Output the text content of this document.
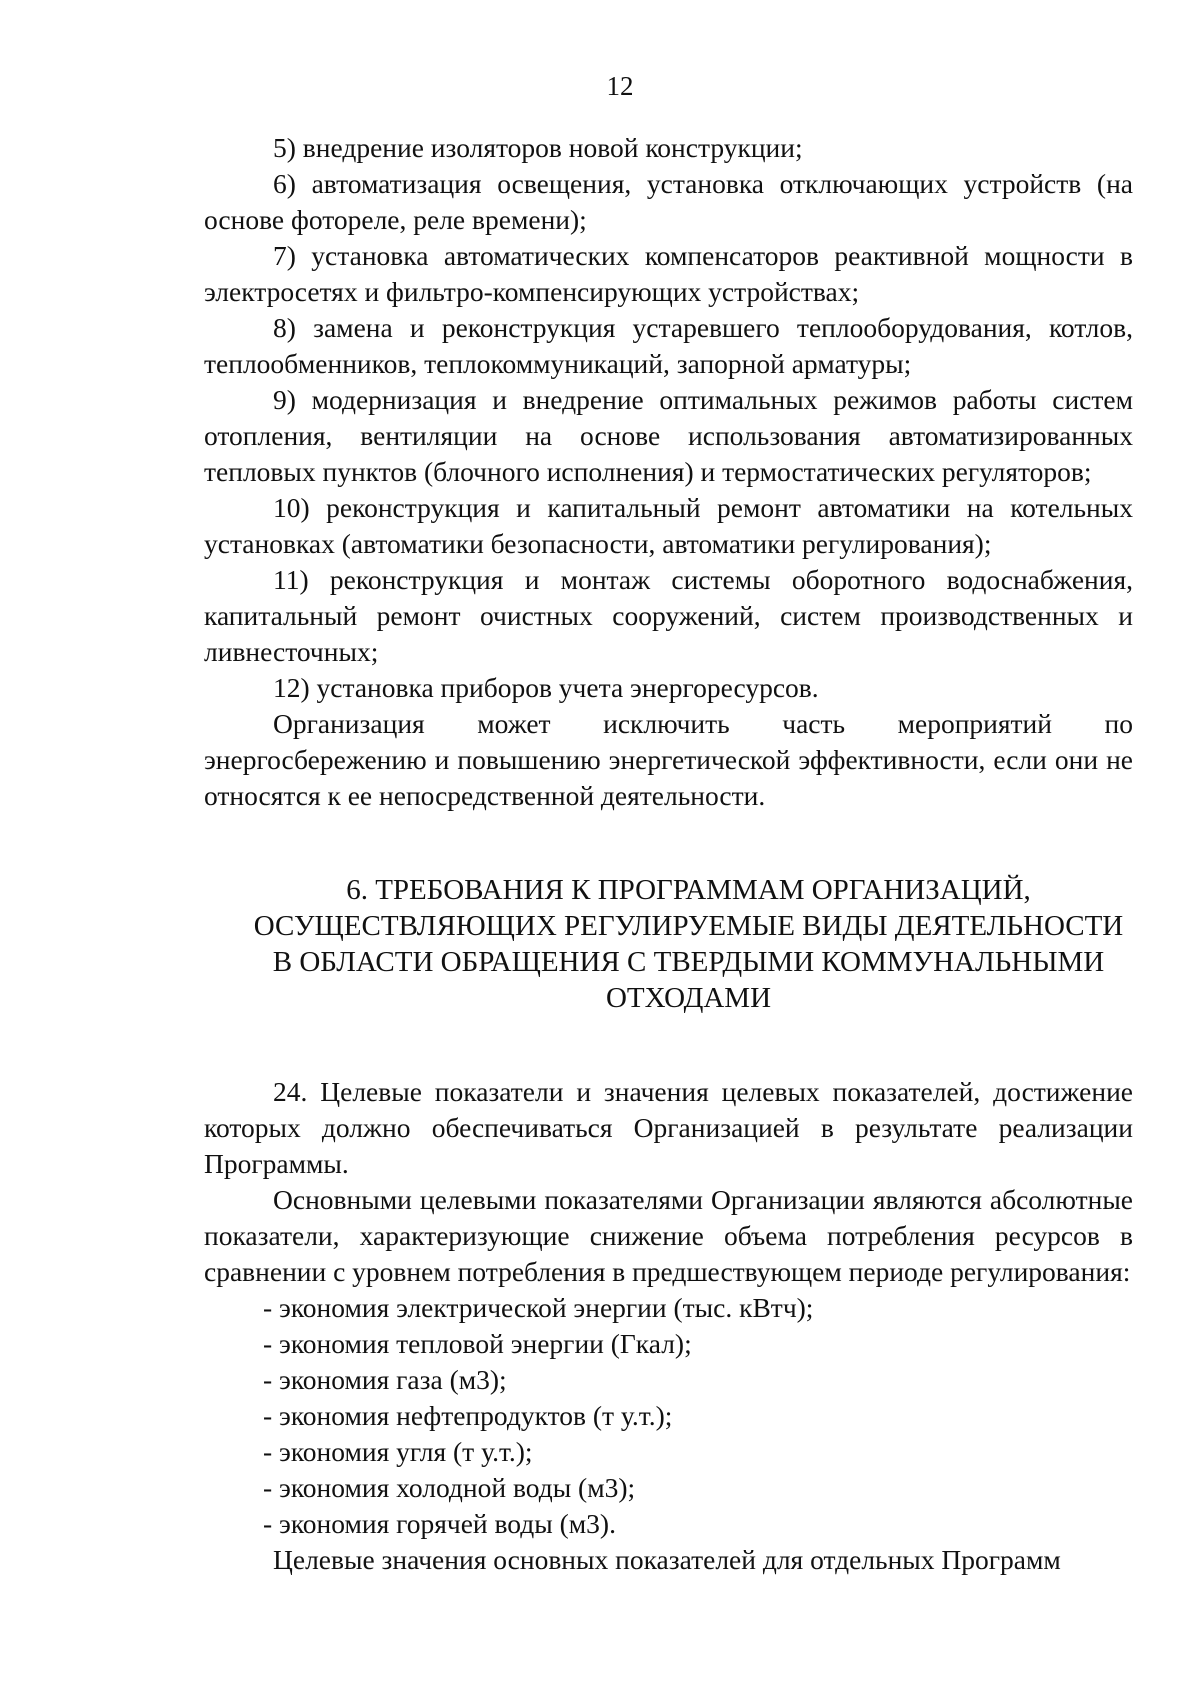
12

5) внедрение изоляторов новой конструкции;

6) автоматизация освещения, установка отключающих устройств (на основе фотореле, реле времени);

7) установка автоматических компенсаторов реактивной мощности в электросетях и фильтро-компенсирующих устройствах;

8) замена и реконструкция устаревшего теплооборудования, котлов, теплообменников, теплокоммуникаций, запорной арматуры;

9) модернизация и внедрение оптимальных режимов работы систем отопления, вентиляции на основе использования автоматизированных тепловых пунктов (блочного исполнения) и термостатических регуляторов;

10) реконструкция и капитальный ремонт автоматики на котельных установках (автоматики безопасности, автоматики регулирования);

11) реконструкция и монтаж системы оборотного водоснабжения, капитальный ремонт очистных сооружений, систем производственных и ливнесточных;

12) установка приборов учета энергоресурсов.

Организация может исключить часть мероприятий по энергосбережению и повышению энергетической эффективности, если они не относятся к ее непосредственной деятельности.

6. ТРЕБОВАНИЯ К ПРОГРАММАМ ОРГАНИЗАЦИЙ,
ОСУЩЕСТВЛЯЮЩИХ РЕГУЛИРУЕМЫЕ ВИДЫ ДЕЯТЕЛЬНОСТИ
В ОБЛАСТИ ОБРАЩЕНИЯ С ТВЕРДЫМИ КОММУНАЛЬНЫМИ
ОТХОДАМИ

24. Целевые показатели и значения целевых показателей, достижение которых должно обеспечиваться Организацией в результате реализации Программы.

Основными целевыми показателями Организации являются абсолютные показатели, характеризующие снижение объема потребления ресурсов в сравнении с уровнем потребления в предшествующем периоде регулирования:

- экономия электрической энергии (тыс. кВтч);

- экономия тепловой энергии (Гкал);

- экономия газа (м3);

- экономия нефтепродуктов (т у.т.);

- экономия угля (т у.т.);

- экономия холодной воды (м3);

- экономия горячей воды (м3).

Целевые значения основных показателей для отдельных Программ
